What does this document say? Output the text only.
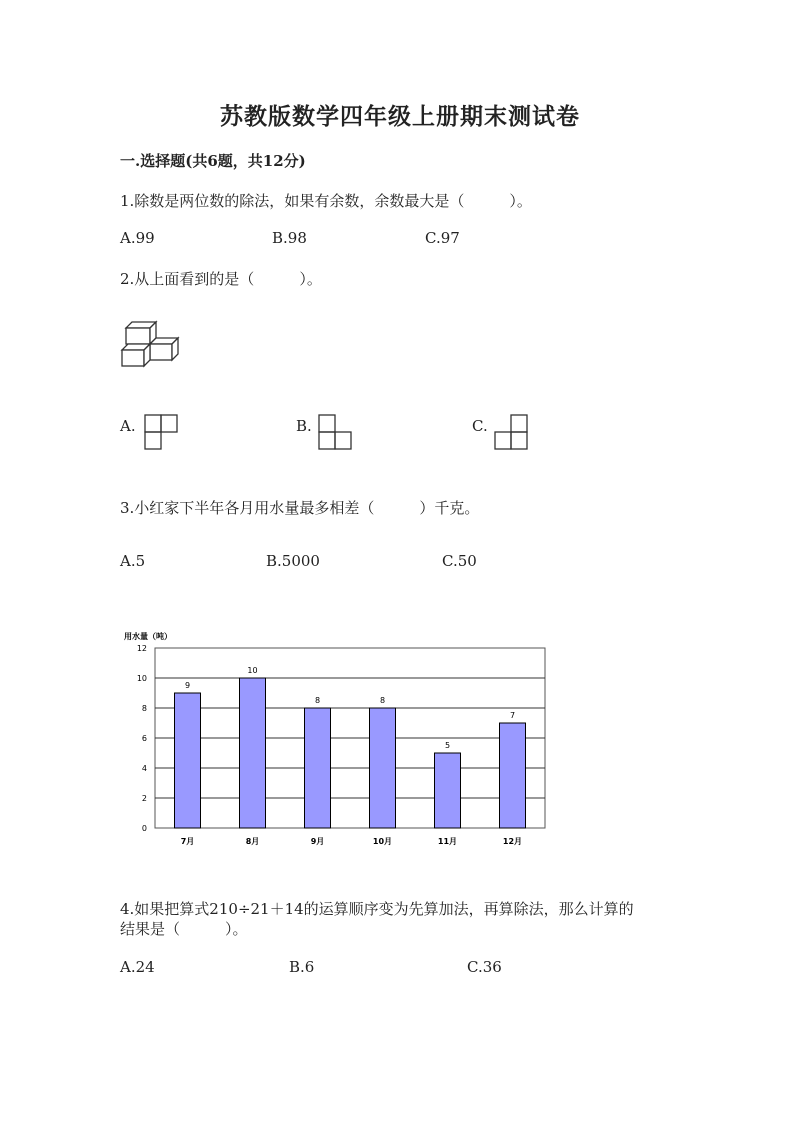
苏教版数学四年级上册期末测试卷
一.选择题(共6题，共12分)
1.除数是两位数的除法，如果有余数，余数最大是（　　　）。
A.99	B.98	C.97
2.从上面看到的是（　　　）。
A.	B.	C.
3.小红家下半年各月用水量最多相差（　　　）千克。
A.5	B.5000	C.50
用水量（吨）
0
2
4
6
8
10
12
9
7月
10
8月
8
9月
8
10月
5
11月
7
12月
4.如果把算式210÷21＋14的运算顺序变为先算加法，再算除法，那么计算的
结果是（　　　）。
A.24	B.6	C.36
